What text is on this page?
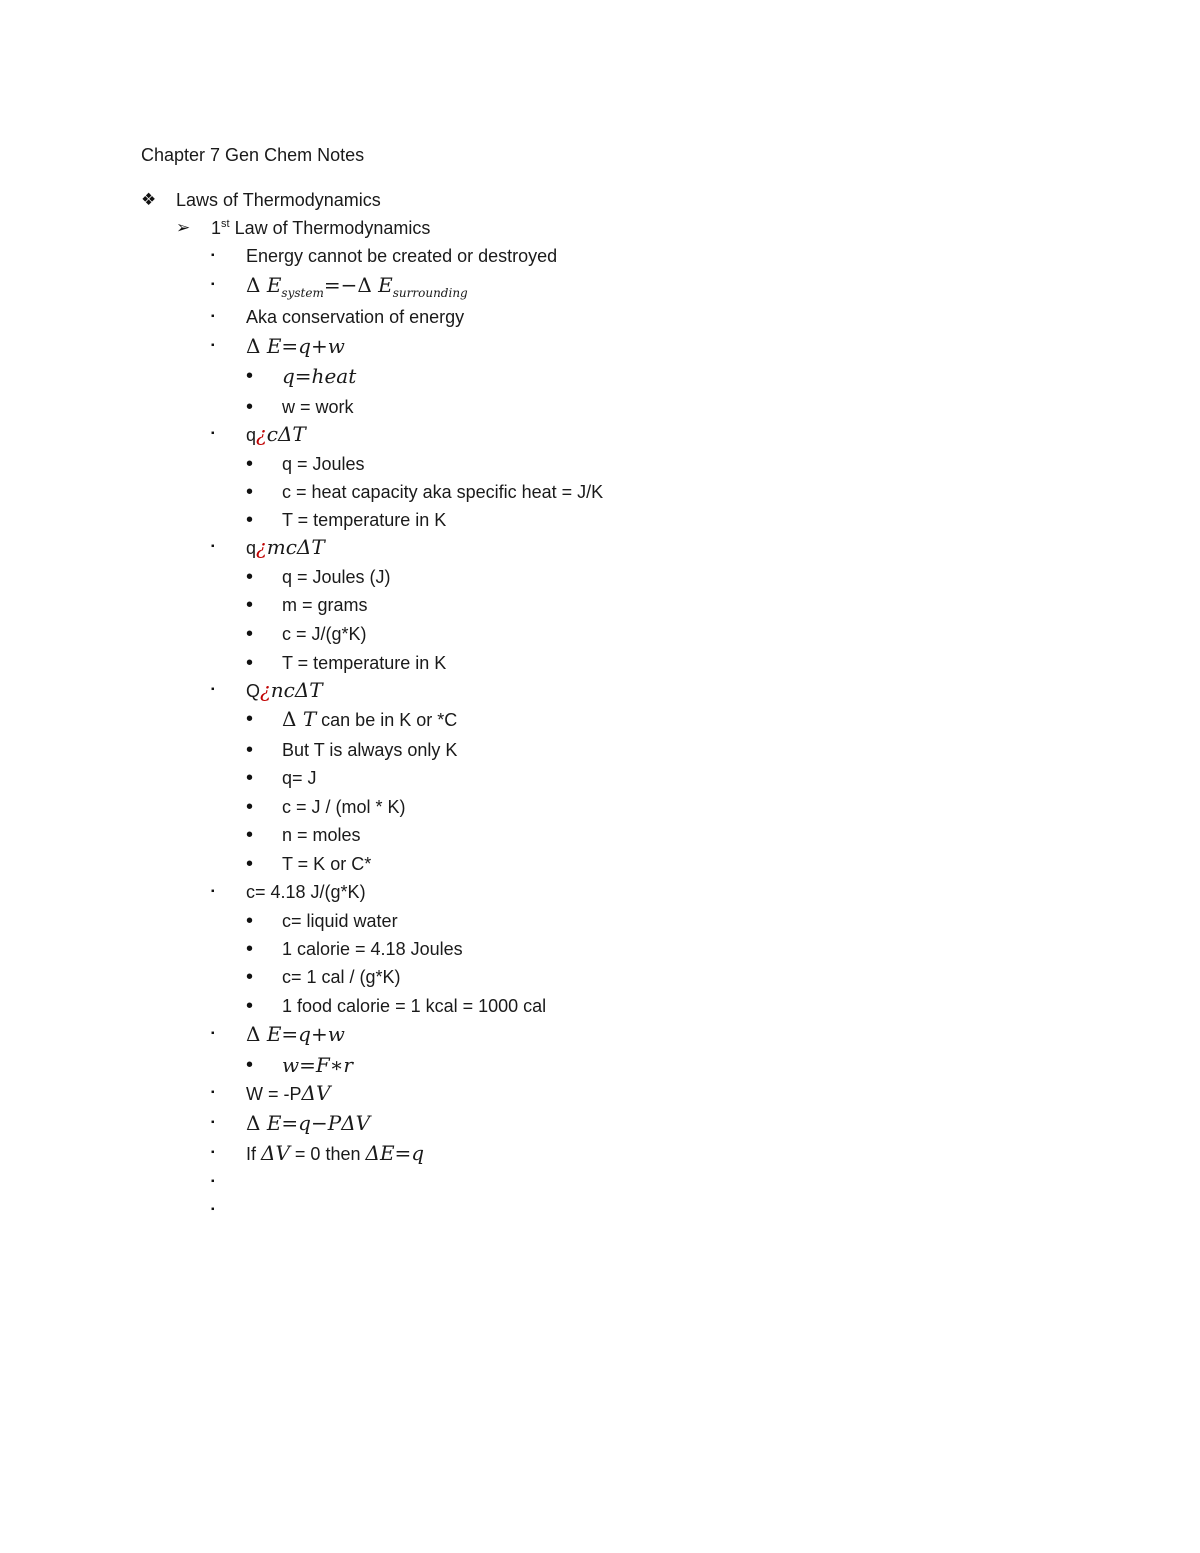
Chapter 7 Gen Chem Notes
❖ Laws of Thermodynamics
➢ 1st Law of Thermodynamics
▪ Energy cannot be created or destroyed
▪ Δ $E_{system}=-\Delta$ $E_{surrounding}$
▪ Aka conservation of energy
▪ Δ E=q+w
• q=heat
• w = work
▪ q¿cΔT
• q = Joules
• c = heat capacity aka specific heat = J/K
• T = temperature in K
▪ q¿mcΔT
• q = Joules (J)
• m = grams
• c = J/(g*K)
• T = temperature in K
▪ Q¿ncΔT
• Δ T can be in K or *C
• But T is always only K
• q= J
• c = J / (mol * K)
• n = moles
• T = K or C*
▪ c= 4.18 J/(g*K)
• c= liquid water
• 1 calorie = 4.18 Joules
• c= 1 cal / (g*K)
• 1 food calorie = 1 kcal = 1000 cal
▪ Δ E=q+w
• w=F∗r
▪ W = -PΔV
▪ Δ E=q−PΔV
▪ If ΔV = 0 then ΔE=q
▪
▪
